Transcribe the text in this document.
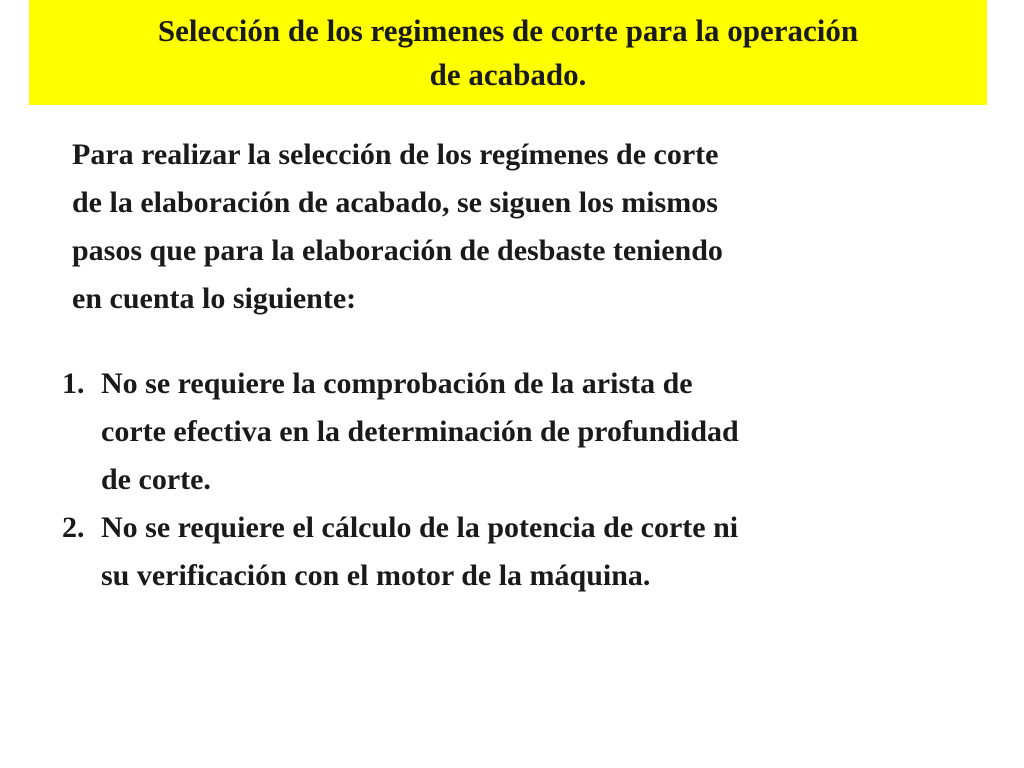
Selección de los regimenes de corte para la operación
de acabado.

Para realizar la selección de los regímenes de corte
de la elaboración de acabado, se siguen los mismos
pasos que para la elaboración de desbaste teniendo
en cuenta lo siguiente:

1. No se requiere la comprobación de la arista de
corte efectiva en la determinación de profundidad
de corte.
2. No se requiere el cálculo de la potencia de corte ni
su verificación con el motor de la máquina.
